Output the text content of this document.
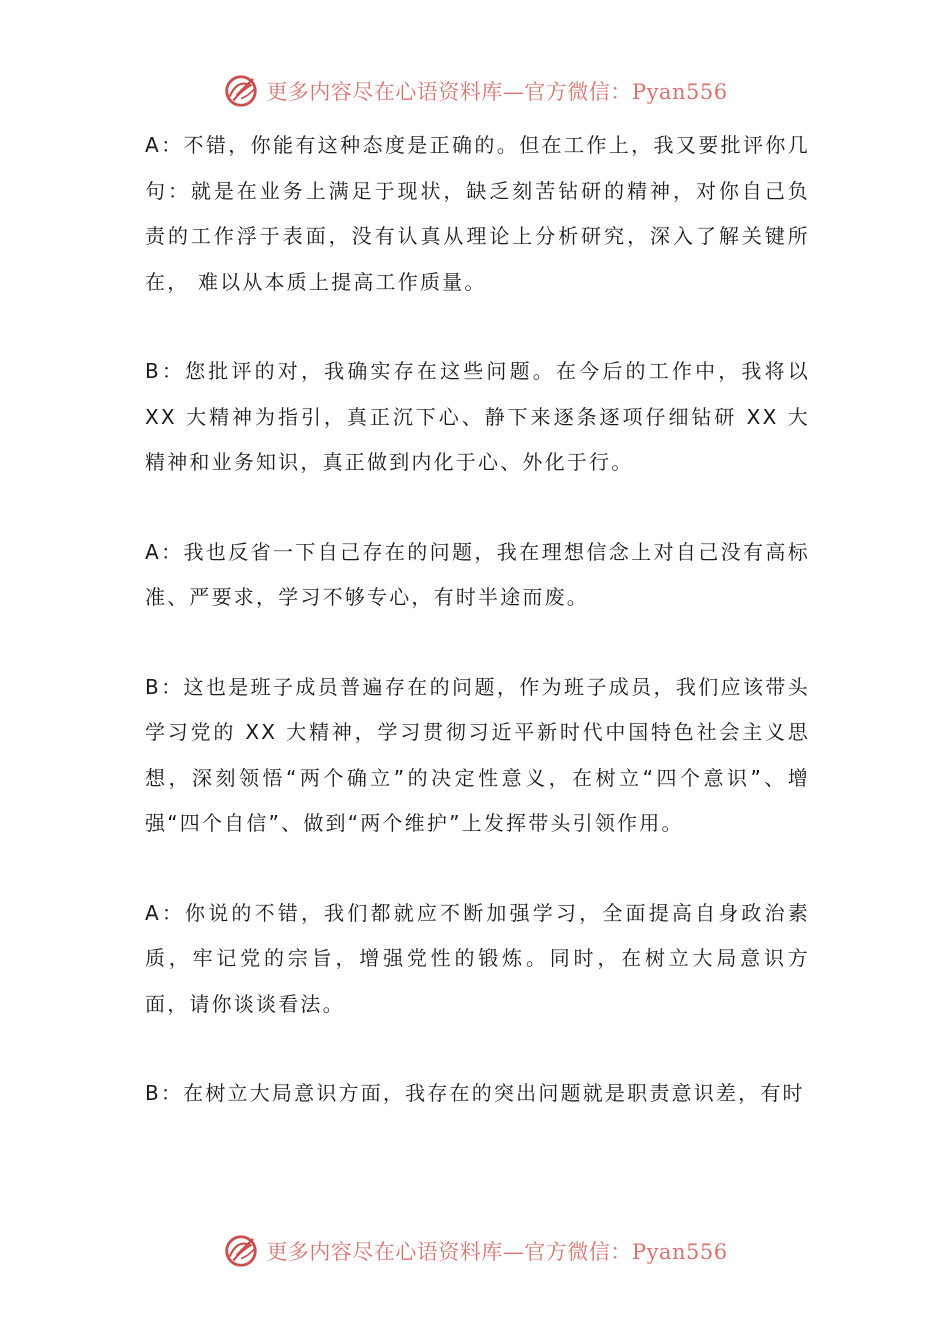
更多内容尽在心语资料库—官方微信：Pyan556

A：不错，你能有这种态度是正确的。但在工作上，我又要批评你几句：就是在业务上满足于现状，缺乏刻苦钻研的精神，对你自己负责的工作浮于表面，没有认真从理论上分析研究，深入了解关键所在， 难以从本质上提高工作质量。

B：您批评的对，我确实存在这些问题。在今后的工作中，我将以 XX 大精神为指引，真正沉下心、静下来逐条逐项仔细钻研 XX 大精神和业务知识，真正做到内化于心、外化于行。

A：我也反省一下自己存在的问题，我在理想信念上对自己没有高标准、严要求，学习不够专心，有时半途而废。

B：这也是班子成员普遍存在的问题，作为班子成员，我们应该带头学习党的 XX 大精神，学习贯彻习近平新时代中国特色社会主义思想，深刻领悟“两个确立”的决定性意义，在树立“四个意识”、增强“四个自信”、做到“两个维护”上发挥带头引领作用。

A：你说的不错，我们都就应不断加强学习，全面提高自身政治素质，牢记党的宗旨，增强党性的锻炼。同时，在树立大局意识方面，请你谈谈看法。

B：在树立大局意识方面，我存在的突出问题就是职责意识差，有时

更多内容尽在心语资料库—官方微信：Pyan556
